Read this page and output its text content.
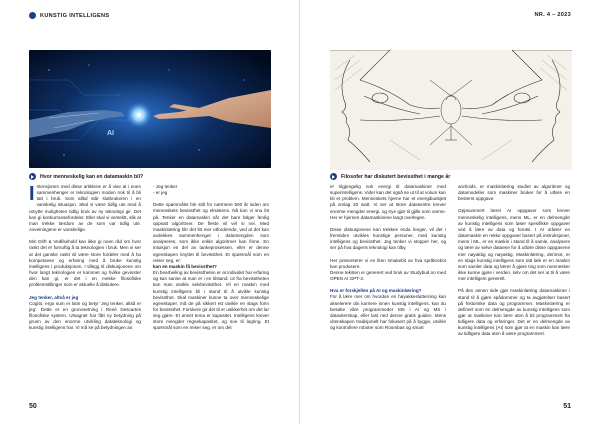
KUNSTIG INTELLIGENS
AI
Hvor menneskelig kan en datamaskin bli?
I ntensjonen med disse artiklene er å vise at i noen sammenhenger er teknologien moden nok til å bli tatt i bruk. Som alltid står slutbrukeren i en vanskelig situasjon. Skal vi være tidlig ute med å utnytte muligheten tidlig bruk av ny teknologi gir. Det kan gi konkurransefordeler. Eller skal vi ventelitt, slik at man trekke lærdom av de som var tidlig ute. Avveiningene er vanskelige.

Min Drift & Vedlikehold kan ikke gi noen råd om hvor raskt det er fornuftig å ta teknologien i bruk. Men vi ser at det ganske raskt vil være store fordeler med å ha kompetanse og erfaring med å bruke kunstig intelligens i produksjonen. I tillegg til diskusjonene om hvor langt teknologien er kommet og hvilke gevinster den kan gi, er det i en mekke filosofiske problemstillinger som er aktuelle å diskutere.

Jeg tenker, altså er jeg

Cogito, ergo sum er latin og betyr 'Jeg tenker, altså er jeg'. Dette er en grunnsetning i René Descartes filosofiske system. Utsagnet har fått ny betydning på grunn av den enorme utvikling datateknologi og kunstig intelligens har. Vi må se på betydningen av:

- Jeg tenker
- er jeg

Dette spørsmålet ble stilt for nærmere 500 år siden om menneskets bevissthet og eksistens. Nå kan vi snu litt på. Tenker en datamaskin når det bare følger ferdig oppsatt algoritmer. De fleste vil vel si nei. Med maskinlæring blir det litt mer utfordrende, ved at det kan avdekkes sammenhenger i datamengden som analyseres, som ikke enkle algoritmer kan finne. En intuisjon en del av tankeprosessen, eller er denne egenskapen knyttet til bevissthet. Et spørsmål som en reiser seg, er:

kan en maskin få bevissthet?

En bearbeiling av bevisstheten er at individet har erfaring og kan sanse at man er i en tilstand. Ut fra bevisstheten kan man utvikle selvbevissthet. Vil en maskin med kunstig intelligens bli i stand til å utvikle kunstig bevissthet. Skal maskiner kunne ta over menneskelige egenskaper, må de på sikkert ett utvikle en slags form for bevissthet. Forskere gir det til er usikkerhet om det lar seg gjøre. Et annet tema er kapasitet. Intelligens krever store mengder regnekapasitet, og noe til lagring. Et spørsmål som en reiser seg, er om det

50
NR. 4 – 2023
Filosofer har diskutert bevissthet i mange år

er tilgjengelig nok energi til datamaskiner med superintelligens. Vider kan det også se ut til at volum kan bli et problem. Menneskets hjerne har et energibudsjett på omlag 20 watt. Vi ser at store datasentre krever enorme mengder energi, og trye gjør til gjille som varme. Her er hjernen datamaskinene langt overlegen.

Disse diskusjonene kan trekkes enda lenger, vil det i fremtiden utvikles kunstige personer, med kunstig intelligens og bevissthet. Jeg tenker vi stopper her, og ser på hva dagens teknologi kan tilby.

Her presenterer vi en liten smakebit av hva språkrobot kan produsere.

Denne teksten er generert ved bruk av Studybud.no med OPEN AI GPT-3.

Hva er forskjellen på AI og maskinlæring?

For å lære mer om hvordan en høyakkeslutterning kan akselerere din karriere innen kunstig intelligens, kan du besøke våre programmeder MS i AI og MS i dataviterskap, eller last ned denne gratis guiden. Mens vitenskapen tradisjonelt har fokusert på å bygge, utvikle og kontrollere roboter som Roombas og smart

androids, er maskinlæring studiet av algoritmer og datamodeller som maskiner bruker for å utføre en bestemt oppgave.

Oppsummert lærer AI oppgaver som krever menneskelig intelligens, mens ML, er en delmengde av kunstig intelligens som løser spesifikke oppgaver ved å lære av data og forutsi. I AI utfører en datamaskin en rekke oppgaver basert på instruksjoner, mens i ML, er en maskin i stand til å samle, analysere og lære av selve dataene for å utføre disse oppgavene mer nøyaktig og nøyaktig. Maskinlæring, derimot, er en slags kunstig intelligens som tatt læk er en maskin som samler data og lærer å gjøre ting som mennesker ikke kunne gjøre i verden, selv om det ser ut til å være mer intelligent generelt.

På den annen side gjør maskinlæring datamaskiner i stand til å gjøre spådommer og ta avgjørelser basert på historiske data og programmer. Maskinlæring er definert som en delmengde av kunstig intelligens som gjør at maskiner kan lære uten å bli programmert fra tidligere data og erfaringer. Det er en delmengde av kunstig intelligens (AI) som gjør at en maskin kan lære av tidligere data uten å være programmert.

51
